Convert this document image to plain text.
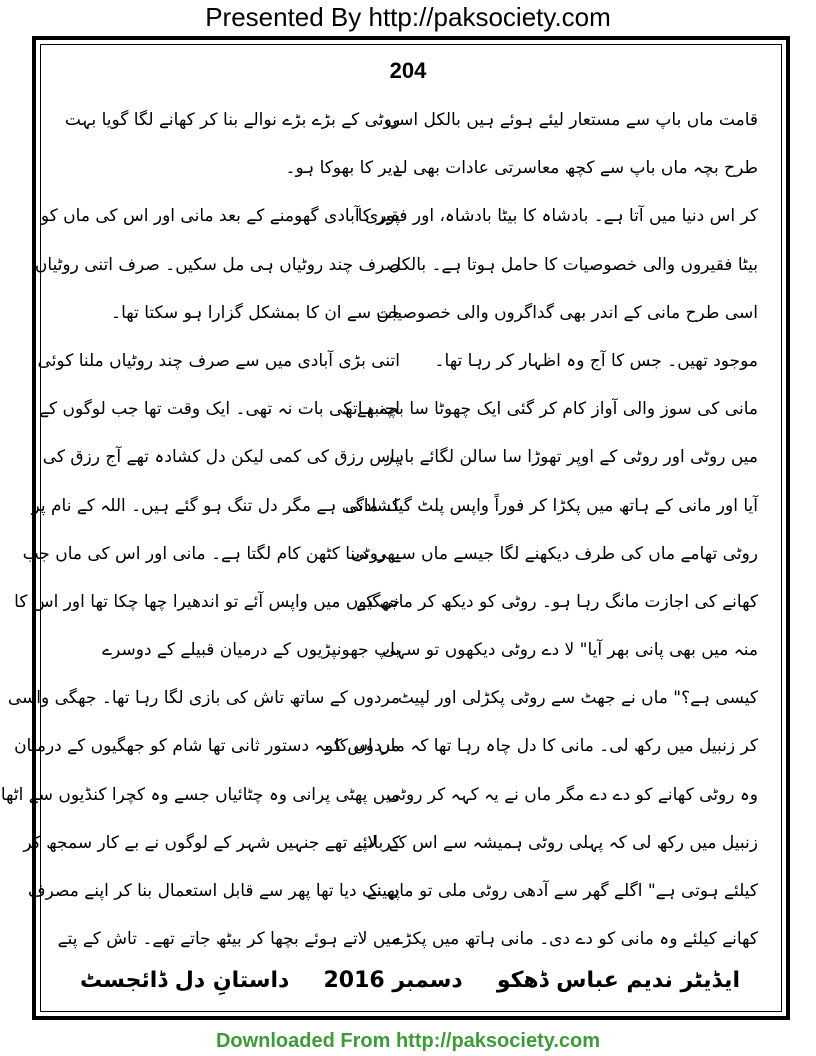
Presented By http://paksociety.com
204
قامت ماں باپ سے مستعار لیئے ہوئے ہیں بالکل اسی
طرح بچہ ماں باپ سے کچھ معاسرتی عادات بھی لے
کر اس دنیا میں آتا ہے۔ بادشاہ کا بیٹا بادشاہ، اور فقیر کا
بیٹا فقیروں والی خصوصیات کا حامل ہوتا ہے۔ بالکل
اسی طرح مانی کے اندر بھی گداگروں والی خصوصیات
موجود تھیں۔ جس کا آج وہ اظہار کر رہا تھا۔
مانی کی سوز والی آواز کام کر گئی ایک چھوٹا سا بچہ ہاتھ
میں روٹی اور روٹی کے اوپر تھوڑا سا سالن لگائے باہر
آیا اور مانی کے ہاتھ میں پکڑا کر فوراً واپس پلٹ گیا۔ مانی
روٹی تھامے ماں کی طرف دیکھنے لگا جیسے ماں سے روٹی
کھانے کی اجازت مانگ رہا ہو۔ روٹی کو دیکھ کر مانی کے
منہ میں بھی پانی بھر آیا" لا دے روٹی دیکھوں تو سہی
کیسی ہے؟" ماں نے جھٹ سے روٹی پکڑلی اور لپیٹ
کر زنبیل میں رکھ لی۔ مانی کا دل چاہ رہا تھا کہ ماں اس کو
وہ روٹی کھانے کو دے دے مگر ماں نے یہ کہہ کر روٹی
زنبیل میں رکھ لی کہ پہلی روٹی ہمیشہ سے اس کے باپ
کیلئے ہوتی ہے" اگلے گھر سے آدھی روٹی ملی تو ماں نے
کھانے کیلئے وہ مانی کو دے دی۔ مانی ہاتھ میں پکڑے
روٹی کے بڑے بڑے نوالے بنا کر کھانے لگا گویا بہت
دیر کا بھوکا ہو۔
پوری آبادی گھومنے کے بعد مانی اور اس کی ماں کو
صرف چند روٹیاں ہی مل سکیں۔ صرف اتنی روٹیاں
جن سے ان کا بمشکل گزارا ہو سکتا تھا۔
اتنی بڑی آبادی میں سے صرف چند روٹیاں ملنا کوئی
اچنبھے کی بات نہ تھی۔ ایک وقت تھا جب لوگوں کے
پاس رزق کی کمی لیکن دل کشادہ تھے آج رزق کی
کشادگی ہے مگر دل تنگ ہو گئے ہیں۔ اللہ کے نام پر
بھی دینا کٹھن کام لگتا ہے۔ مانی اور اس کی ماں جب
جھگیوں میں واپس آئے تو اندھیرا چھا چکا تھا اور اس کا
باپ جھونپڑیوں کے درمیان قبیلے کے دوسرے
مردوں کے ساتھ تاش کی بازی لگا رہا تھا۔ جھگی واسی
مردوں کا یہ دستور ثانی تھا شام کو جھگیوں کے درمیان
میں پھٹی پرانی وہ چٹائیاں جسے وہ کچرا کنڈیوں سے اٹھا
کر لائے تھے جنہیں شہر کے لوگوں نے بے کار سمجھ کر
پھینک دیا تھا پھر سے قابل استعمال بنا کر اپنے مصرف
میں لاتے ہوئے بچھا کر بیٹھ جاتے تھے۔ تاش کے پتے
ایڈیٹر ندیم عباس ڈھکو
دسمبر 2016
داستانِ دل ڈائجسٹ
Downloaded From http://paksociety.com
